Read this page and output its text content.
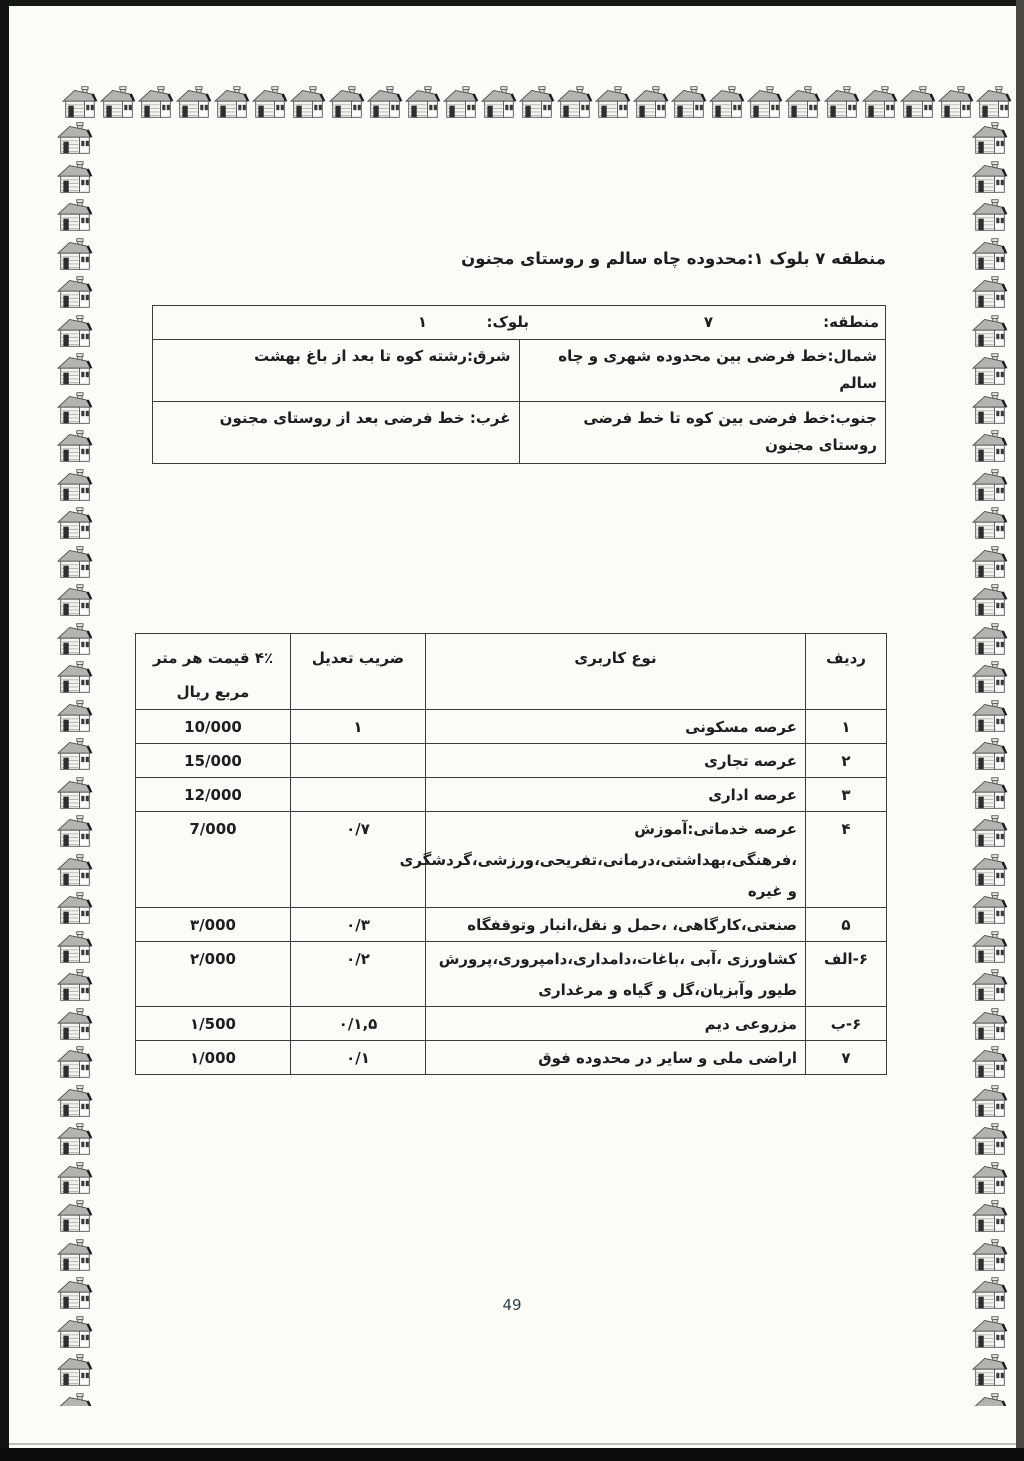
منطقه ۷ بلوک ۱:محدوده چاه سالم و روستای مجنون
منطقه:
۷
بلوک:
۱	

شمال:خط فرضی بین محدوده شهری و چاه سالم	شرق:رشته کوه تا بعد از باغ بهشت
جنوب:خط فرضی بین کوه تا خط فرضی روستای مجنون	غرب: خط فرضی بعد از روستای مجنون
ردیف	نوع کاربری	ضریب تعدیل	۴٪ قیمت هر متر مربع ریال
۱	عرصه مسکونی	۱	10/000
۲	عرصه تجاری		15/000
۳	عرصه اداری		12/000
۴	عرصه خدماتی:آموزش ،فرهنگی،بهداشتی،درمانی،تفریحی،ورزشی،گردشگری و غیره	۰/۷	7/000
۵	صنعتی،کارگاهی، ،حمل و نقل،انبار وتوقفگاه	۰/۳	۳/000
۶-الف	کشاورزی ،آبی ،باغات،دامداری،دامپروری،پرورش طیور وآبزیان،گل و گیاه و مرغداری	۰/۲	۲/000
۶-ب	مزروعی دیم	۰/۱,۵	۱/500
۷	اراضی ملی و سایر در محدوده فوق	۰/۱	۱/000
49
